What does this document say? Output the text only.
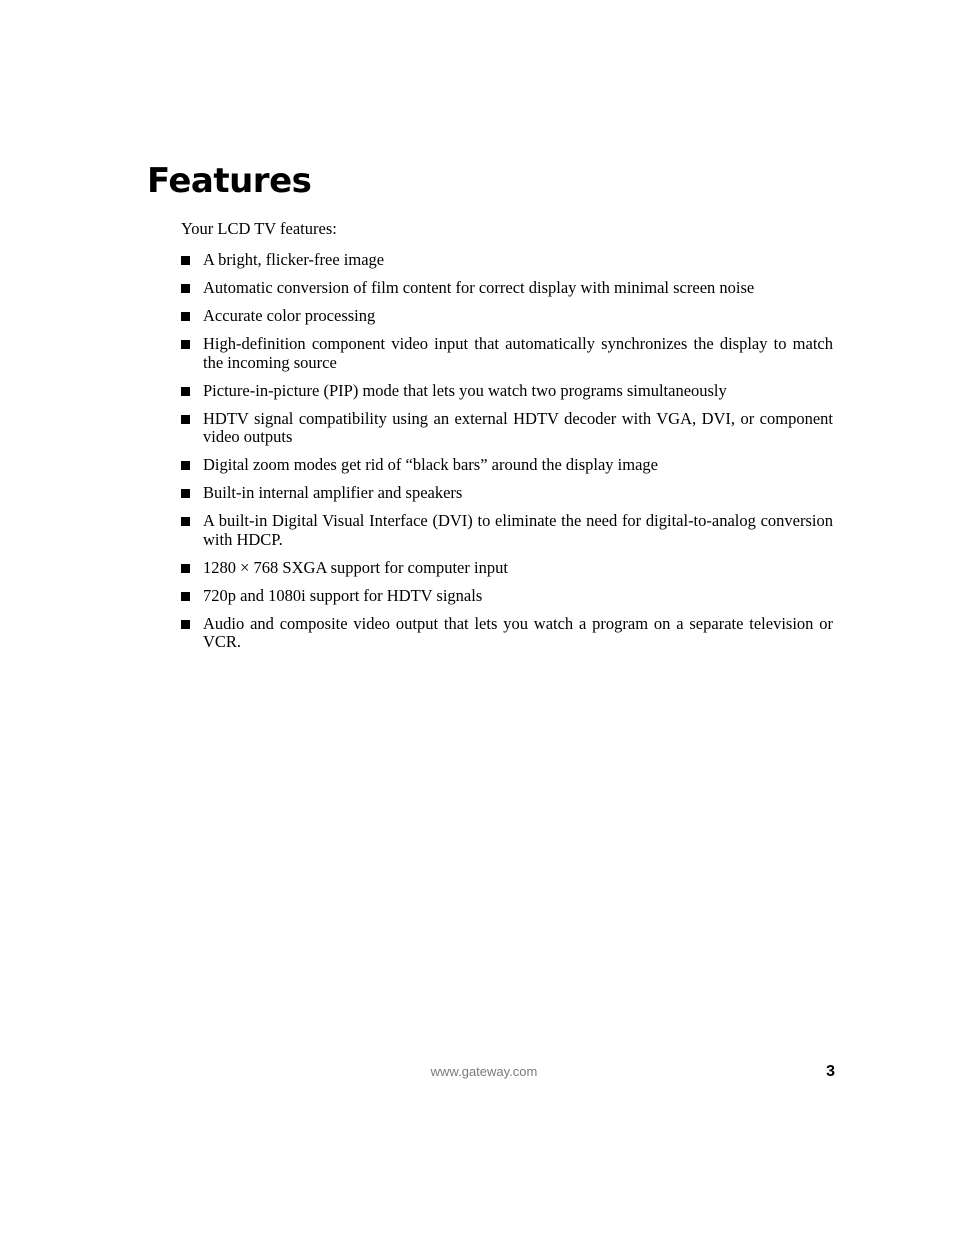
Features

Your LCD TV features:

A bright, flicker-free image
Automatic conversion of film content for correct display with minimal screen noise
Accurate color processing
High-definition component video input that automatically synchronizes the display to match the incoming source
Picture-in-picture (PIP) mode that lets you watch two programs simultaneously
HDTV signal compatibility using an external HDTV decoder with VGA, DVI, or component video outputs
Digital zoom modes get rid of “black bars” around the display image
Built-in internal amplifier and speakers
A built-in Digital Visual Interface (DVI) to eliminate the need for digital-to-analog conversion with HDCP.
1280 × 768 SXGA support for computer input
720p and 1080i support for HDTV signals
Audio and composite video output that lets you watch a program on a separate television or VCR.
www.gateway.com	3
